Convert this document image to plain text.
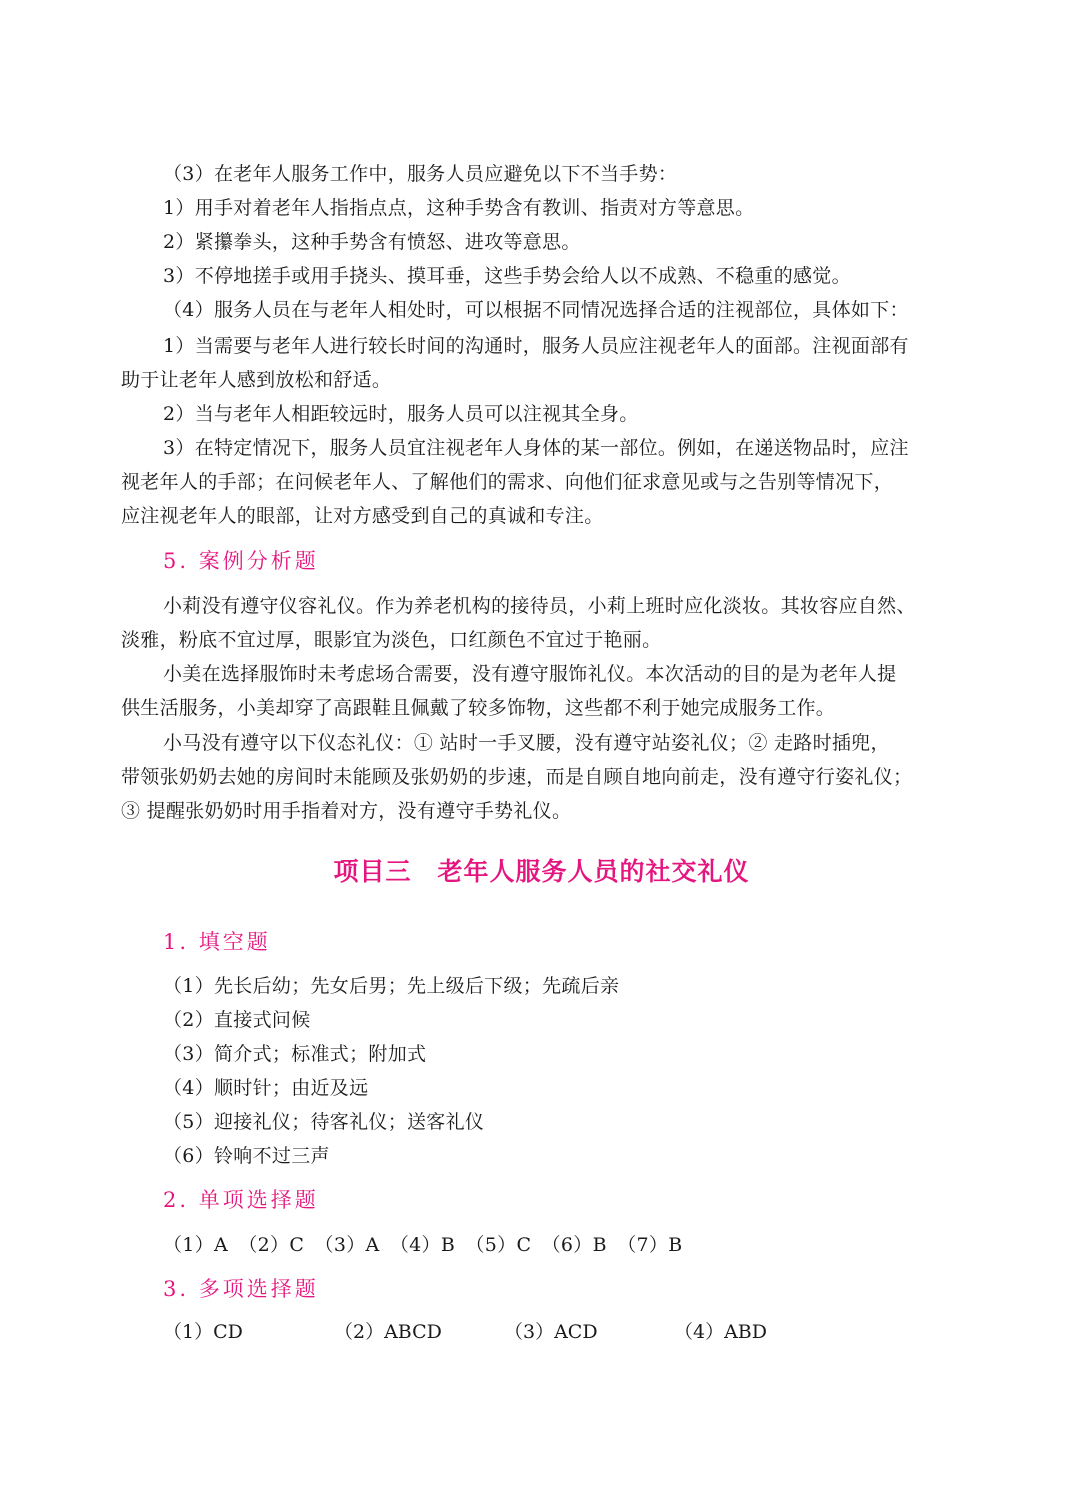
（3）在老年人服务工作中，服务人员应避免以下不当手势：
1）用手对着老年人指指点点，这种手势含有教训、指责对方等意思。
2）紧攥拳头，这种手势含有愤怒、进攻等意思。
3）不停地搓手或用手挠头、摸耳垂，这些手势会给人以不成熟、不稳重的感觉。
（4）服务人员在与老年人相处时，可以根据不同情况选择合适的注视部位，具体如下：
1）当需要与老年人进行较长时间的沟通时，服务人员应注视老年人的面部。注视面部有
助于让老年人感到放松和舒适。
2）当与老年人相距较远时，服务人员可以注视其全身。
3）在特定情况下，服务人员宜注视老年人身体的某一部位。例如，在递送物品时，应注
视老年人的手部；在问候老年人、了解他们的需求、向他们征求意见或与之告别等情况下，
应注视老年人的眼部，让对方感受到自己的真诚和专注。
5. 案例分析题
小莉没有遵守仪容礼仪。作为养老机构的接待员，小莉上班时应化淡妆。其妆容应自然、
淡雅，粉底不宜过厚，眼影宜为淡色，口红颜色不宜过于艳丽。
小美在选择服饰时未考虑场合需要，没有遵守服饰礼仪。本次活动的目的是为老年人提
供生活服务，小美却穿了高跟鞋且佩戴了较多饰物，这些都不利于她完成服务工作。
小马没有遵守以下仪态礼仪：① 站时一手叉腰，没有遵守站姿礼仪；② 走路时插兜，
带领张奶奶去她的房间时未能顾及张奶奶的步速，而是自顾自地向前走，没有遵守行姿礼仪；
③ 提醒张奶奶时用手指着对方，没有遵守手势礼仪。
项目三　老年人服务人员的社交礼仪
1. 填空题
（1）先长后幼；先女后男；先上级后下级；先疏后亲
（2）直接式问候
（3）简介式；标准式；附加式
（4）顺时针；由近及远
（5）迎接礼仪；待客礼仪；送客礼仪
（6）铃响不过三声
2. 单项选择题
（1）A （2）C （3）A （4）B （5）C （6）B （7）B
3. 多项选择题
（1）CD	（2）ABCD	（3）ACD	（4）ABD
